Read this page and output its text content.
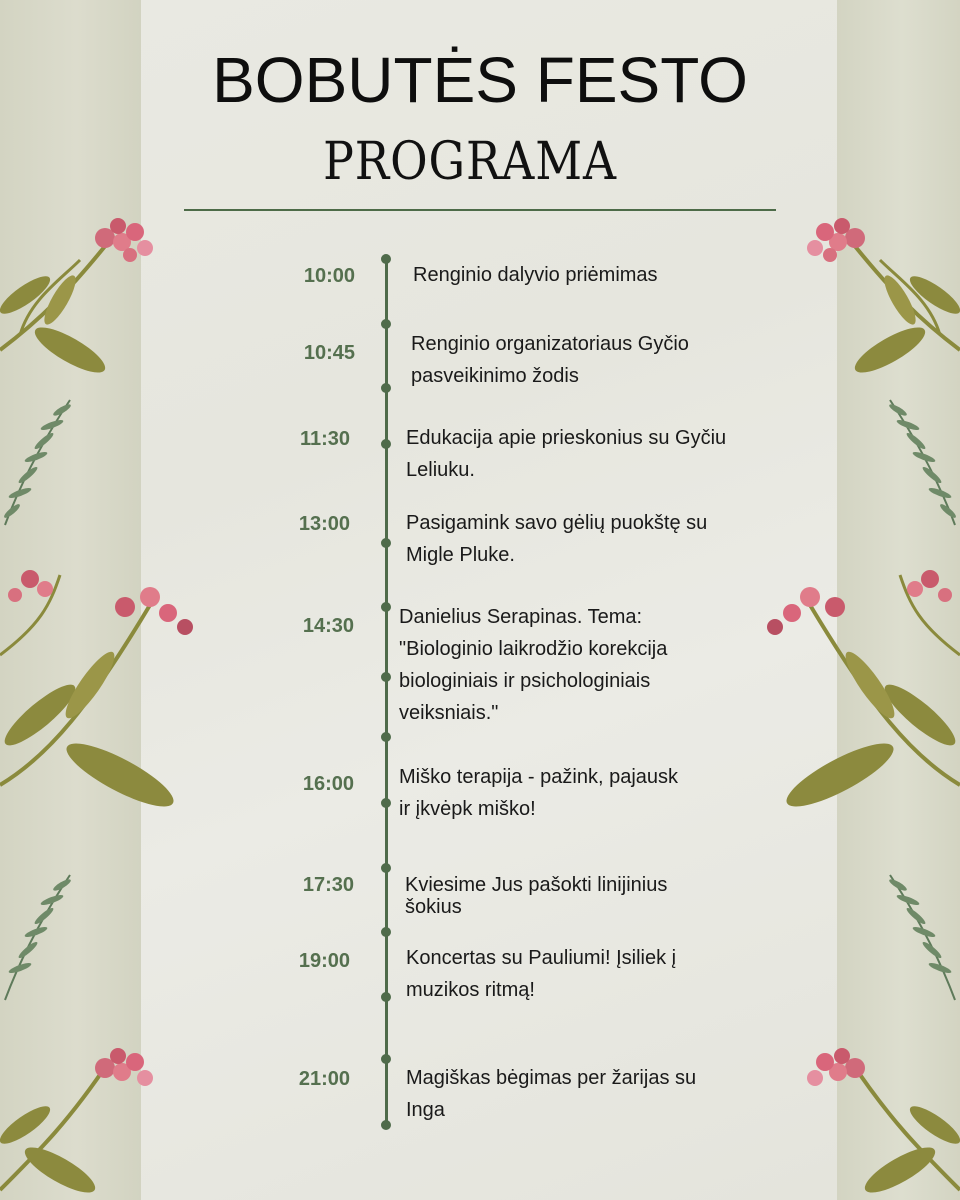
BOBUTĖS FESTO
PROGRAMA
10:00	Renginio dalyvio priėmimas
10:45	Renginio organizatoriaus Gyčio pasveikinimo žodis
11:30	Edukacija apie prieskonius su Gyčiu Leliuku.
13:00	Pasigamink savo gėlių puokštę su Migle Pluke.
14:30 Danielius Serapinas. Tema: "Biologinio laikrodžio korekcija biologiniais ir psichologiniais veiksniais."
16:00 Miško terapija - pažink, pajausk ir įkvėpk miško!
17:30	Kviesime Jus pašokti linijinius šokius
19:00	Koncertas su Pauliumi! Įsiliek į muzikos ritmą!
21:00	Magiškas bėgimas per žarijas su Inga
